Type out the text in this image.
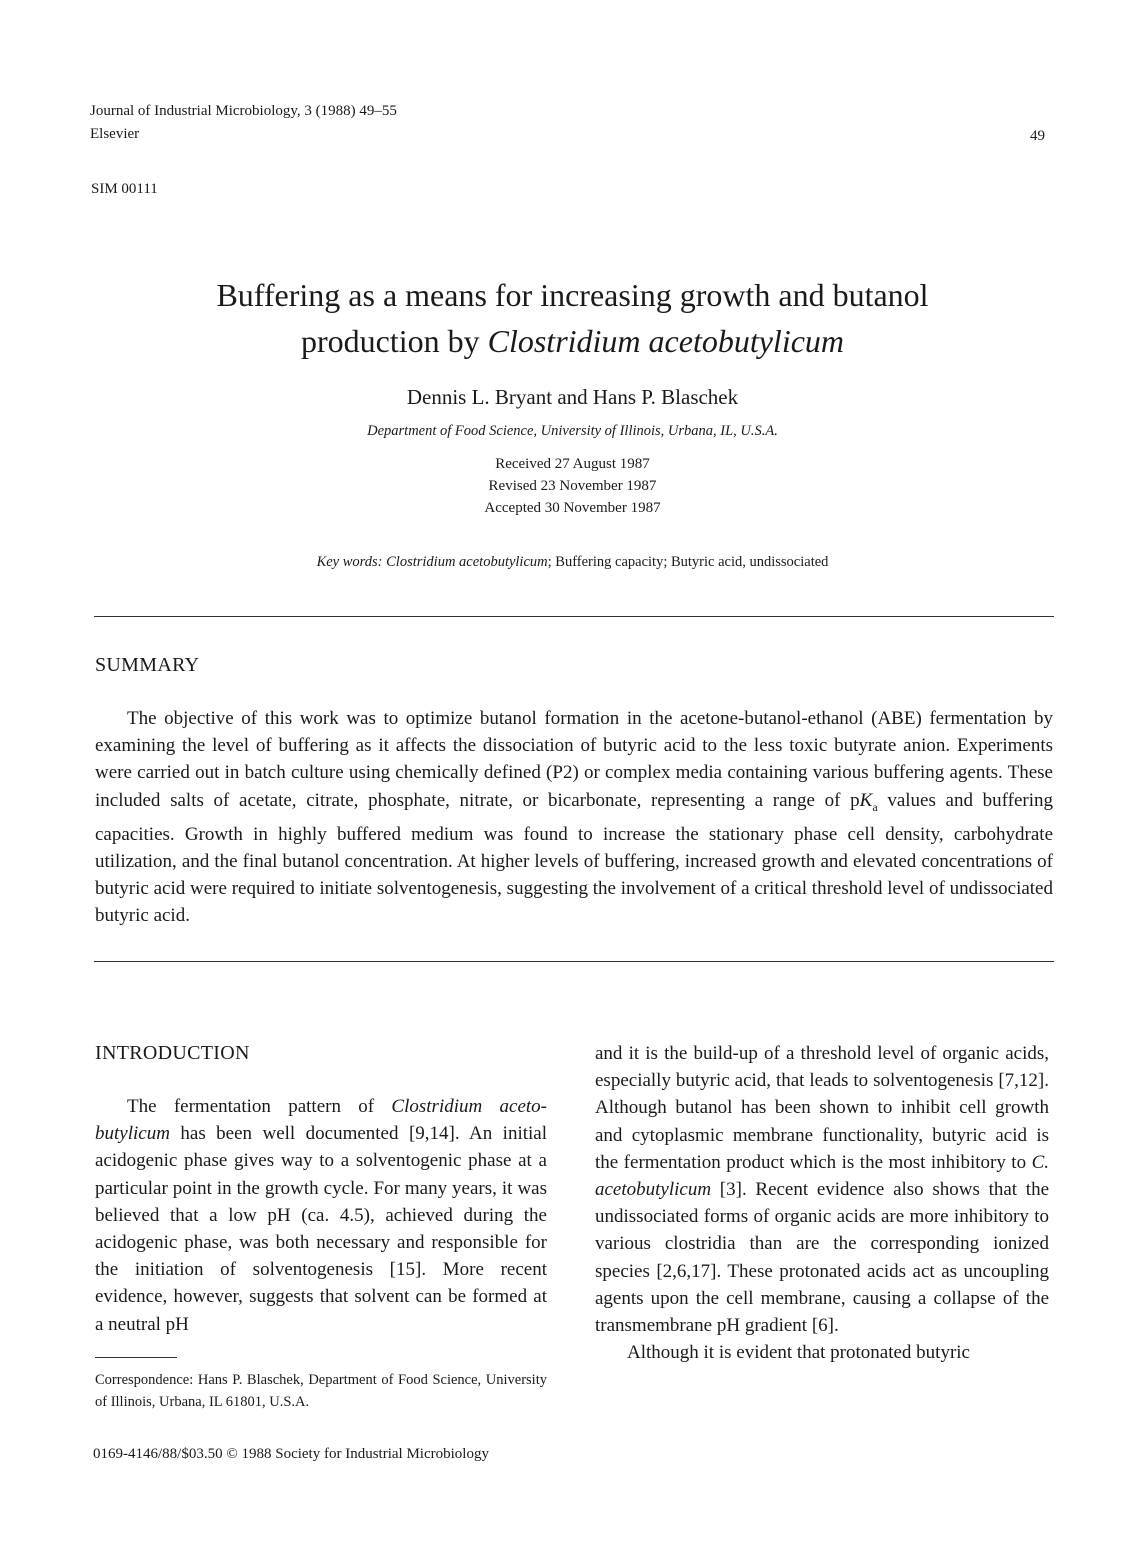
Journal of Industrial Microbiology, 3 (1988) 49–55
Elsevier	49
SIM 00111
Buffering as a means for increasing growth and butanol
production by Clostridium acetobutylicum
Dennis L. Bryant and Hans P. Blaschek
Department of Food Science, University of Illinois, Urbana, IL, U.S.A.
Received 27 August 1987
Revised 23 November 1987
Accepted 30 November 1987
Key words: Clostridium acetobutylicum; Buffering capacity; Butyric acid, undissociated
SUMMARY

The objective of this work was to optimize butanol formation in the acetone-butanol-ethanol (ABE) fermentation by examining the level of buffering as it affects the dissociation of butyric acid to the less toxic butyrate anion. Experiments were carried out in batch culture using chemically defined (P2) or complex media containing various buffering agents. These included salts of acetate, citrate, phosphate, nitrate, or bicarbonate, representing a range of $pK_a$ values and buffering capacities. Growth in highly buffered medium was found to increase the stationary phase cell density, carbohydrate utilization, and the final butanol concentration. At higher levels of buffering, increased growth and elevated concentrations of butyric acid were required to initiate solventogenesis, suggesting the involvement of a critical threshold level of undissociated butyric acid.

INTRODUCTION

The fermentation pattern of Clostridium aceto-butylicum has been well documented [9,14]. An initial acidogenic phase gives way to a solventogenic phase at a particular point in the growth cycle. For many years, it was believed that a low pH (ca. 4.5), achieved during the acidogenic phase, was both necessary and responsible for the initiation of solventogenesis [15]. More recent evidence, however, suggests that solvent can be formed at a neutral pH

and it is the build-up of a threshold level of organic acids, especially butyric acid, that leads to solventogenesis [7,12]. Although butanol has been shown to inhibit cell growth and cytoplasmic membrane functionality, butyric acid is the fermentation product which is the most inhibitory to C. acetobutylicum [3]. Recent evidence also shows that the undissociated forms of organic acids are more inhibitory to various clostridia than are the corresponding ionized species [2,6,17]. These protonated acids act as uncoupling agents upon the cell membrane, causing a collapse of the transmembrane pH gradient [6].

Although it is evident that protonated butyric

Correspondence: Hans P. Blaschek, Department of Food Science, University of Illinois, Urbana, IL 61801, U.S.A.
0169-4146/88/$03.50 © 1988 Society for Industrial Microbiology
